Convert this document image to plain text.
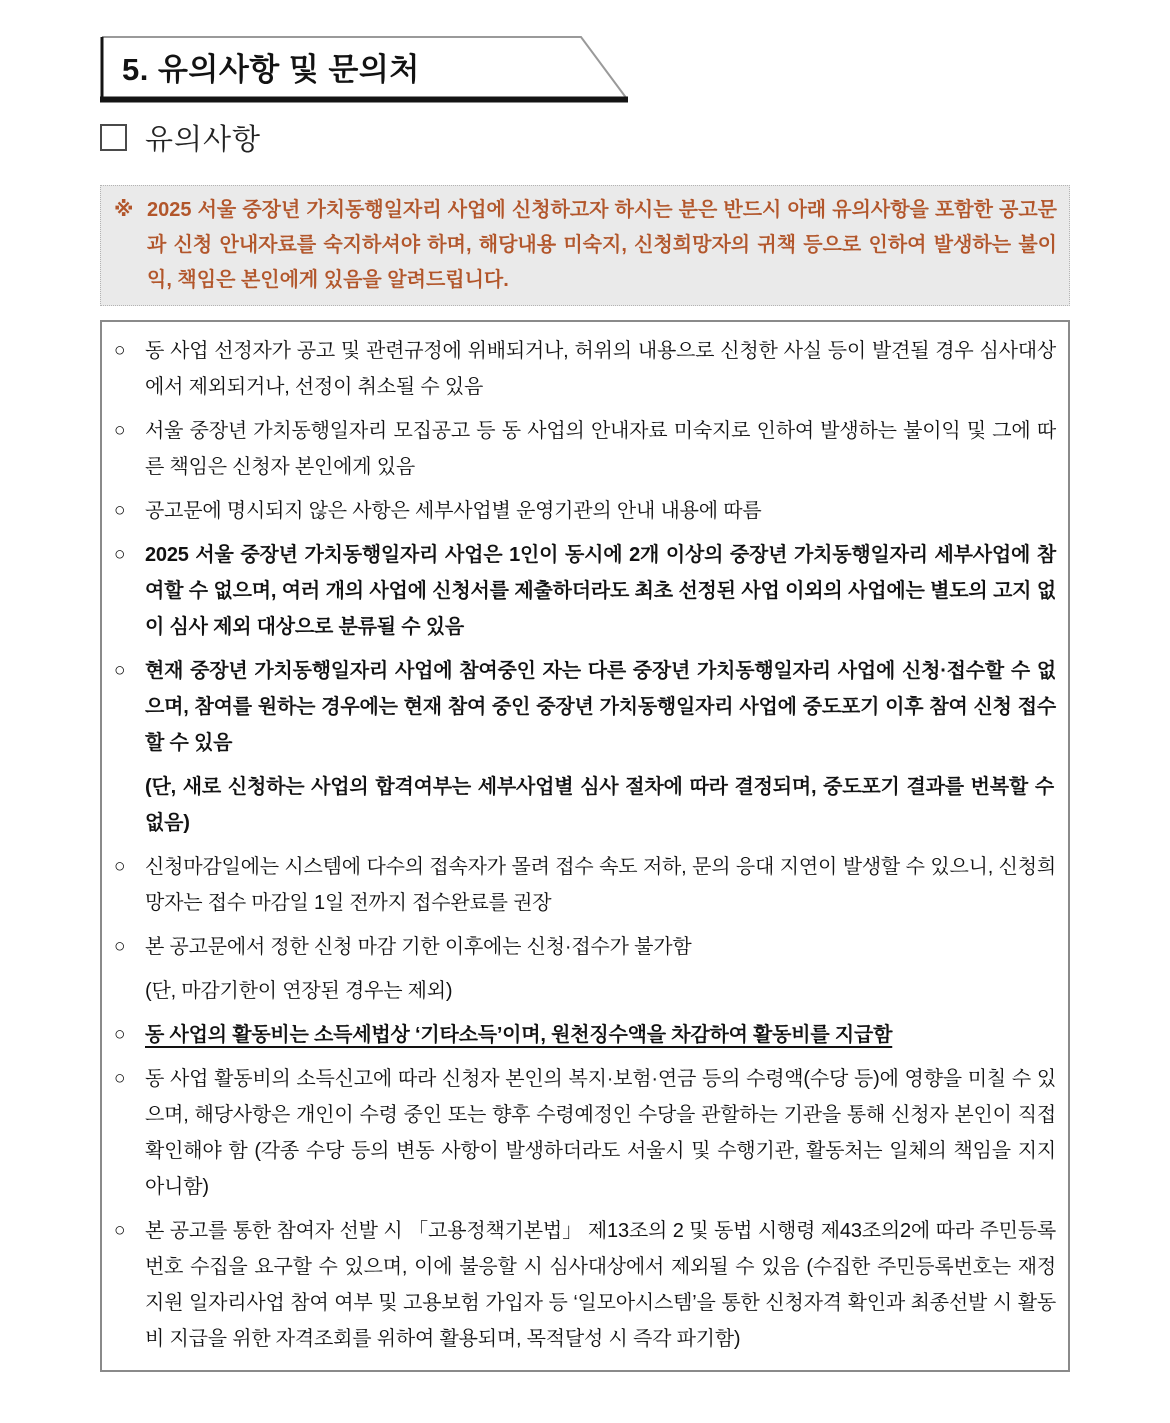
5. 유의사항 및 문의처
유의사항
※ 2025 서울 중장년 가치동행일자리 사업에 신청하고자 하시는 분은 반드시 아래 유의사항을 포함한 공고문과 신청 안내자료를 숙지하셔야 하며, 해당내용 미숙지, 신청희망자의 귀책 등으로 인하여 발생하는 불이익, 책임은 본인에게 있음을 알려드립니다.
○ 동 사업 선정자가 공고 및 관련규정에 위배되거나, 허위의 내용으로 신청한 사실 등이 발견될 경우 심사대상에서 제외되거나, 선정이 취소될 수 있음
○ 서울 중장년 가치동행일자리 모집공고 등 동 사업의 안내자료 미숙지로 인하여 발생하는 불이익 및 그에 따른 책임은 신청자 본인에게 있음
○ 공고문에 명시되지 않은 사항은 세부사업별 운영기관의 안내 내용에 따름
○ 2025 서울 중장년 가치동행일자리 사업은 1인이 동시에 2개 이상의 중장년 가치동행일자리 세부사업에 참여할 수 없으며, 여러 개의 사업에 신청서를 제출하더라도 최초 선정된 사업 이외의 사업에는 별도의 고지 없이 심사 제외 대상으로 분류될 수 있음
○ 현재 중장년 가치동행일자리 사업에 참여중인 자는 다른 중장년 가치동행일자리 사업에 신청·접수할 수 없으며, 참여를 원하는 경우에는 현재 참여 중인 중장년 가치동행일자리 사업에 중도포기 이후 참여 신청 접수할 수 있음
(단, 새로 신청하는 사업의 합격여부는 세부사업별 심사 절차에 따라 결정되며, 중도포기 결과를 번복할 수 없음)
○ 신청마감일에는 시스템에 다수의 접속자가 몰려 접수 속도 저하, 문의 응대 지연이 발생할 수 있으니, 신청희망자는 접수 마감일 1일 전까지 접수완료를 권장
○ 본 공고문에서 정한 신청 마감 기한 이후에는 신청·접수가 불가함
(단, 마감기한이 연장된 경우는 제외)
○ 동 사업의 활동비는 소득세법상 ‘기타소득’이며, 원천징수액을 차감하여 활동비를 지급함
○ 동 사업 활동비의 소득신고에 따라 신청자 본인의 복지·보험·연금 등의 수령액(수당 등)에 영향을 미칠 수 있으며, 해당사항은 개인이 수령 중인 또는 향후 수령예정인 수당을 관할하는 기관을 통해 신청자 본인이 직접 확인해야 함 (각종 수당 등의 변동 사항이 발생하더라도 서울시 및 수행기관, 활동처는 일체의 책임을 지지 아니함)
○ 본 공고를 통한 참여자 선발 시 「고용정책기본법」 제13조의 2 및 동법 시행령 제43조의2에 따라 주민등록번호 수집을 요구할 수 있으며, 이에 불응할 시 심사대상에서 제외될 수 있음 (수집한 주민등록번호는 재정 지원 일자리사업 참여 여부 및 고용보험 가입자 등 ‘일모아시스템’을 통한 신청자격 확인과 최종선발 시 활동비 지급을 위한 자격조회를 위하여 활용되며, 목적달성 시 즉각 파기함)
